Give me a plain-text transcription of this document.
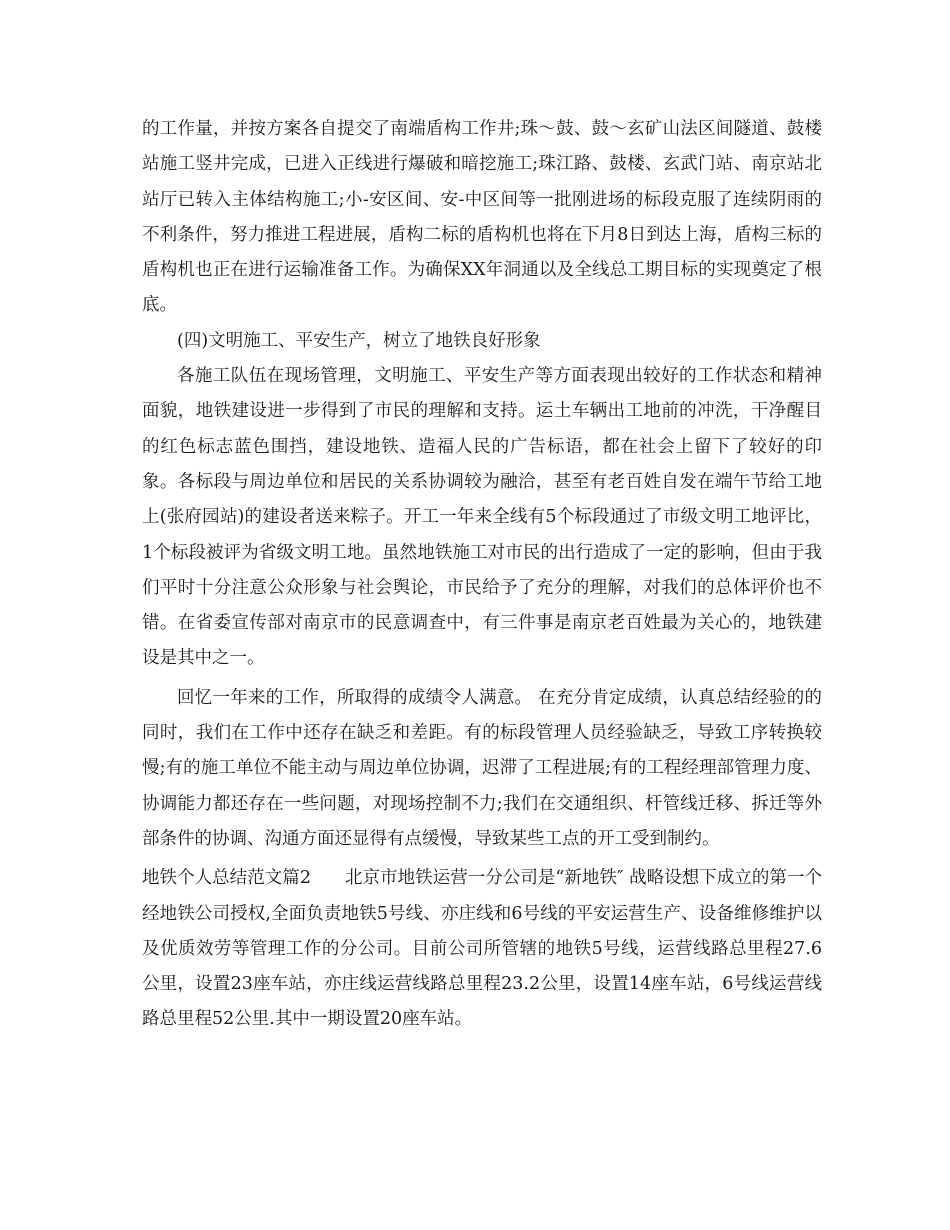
的工作量，并按方案各自提交了南端盾构工作井;珠～鼓、鼓～玄矿山法区间隧道、鼓楼站施工竖井完成，已进入正线进行爆破和暗挖施工;珠江路、鼓楼、玄武门站、南京站北站厅已转入主体结构施工;小-安区间、安-中区间等一批刚进场的标段克服了连续阴雨的不利条件，努力推进工程进展，盾构二标的盾构机也将在下月8日到达上海，盾构三标的盾构机也正在进行运输准备工作。为确保XX年洞通以及全线总工期目标的实现奠定了根底。

(四)文明施工、平安生产，树立了地铁良好形象

各施工队伍在现场管理，文明施工、平安生产等方面表现出较好的工作状态和精神面貌，地铁建设进一步得到了市民的理解和支持。运土车辆出工地前的冲洗，干净醒目的红色标志蓝色围挡，建设地铁、造福人民的广告标语，都在社会上留下了较好的印象。各标段与周边单位和居民的关系协调较为融洽，甚至有老百姓自发在端午节给工地上(张府园站)的建设者送来粽子。开工一年来全线有5个标段通过了市级文明工地评比，1个标段被评为省级文明工地。虽然地铁施工对市民的出行造成了一定的影响，但由于我们平时十分注意公众形象与社会舆论，市民给予了充分的理解，对我们的总体评价也不错。在省委宣传部对南京市的民意调查中，有三件事是南京老百姓最为关心的，地铁建设是其中之一。

回忆一年来的工作，所取得的成绩令人满意。 在充分肯定成绩，认真总结经验的的同时，我们在工作中还存在缺乏和差距。有的标段管理人员经验缺乏，导致工序转换较慢;有的施工单位不能主动与周边单位协调，迟滞了工程进展;有的工程经理部管理力度、协调能力都还存在一些问题，对现场控制不力;我们在交通组织、杆管线迁移、拆迁等外部条件的协调、沟通方面还显得有点缓慢，导致某些工点的开工受到制约。

地铁个人总结范文篇2 北京市地铁运营一分公司是“新地铁″ 战略设想下成立的第一个经地铁公司授权,全面负责地铁5号线、亦庄线和6号线的平安运营生产、设备维修维护以及优质效劳等管理工作的分公司。目前公司所管辖的地铁5号线，运营线路总里程27.6公里，设置23座车站，亦庄线运营线路总里程23.2公里，设置14座车站，6号线运营线路总里程52公里.其中一期设置20座车站。
